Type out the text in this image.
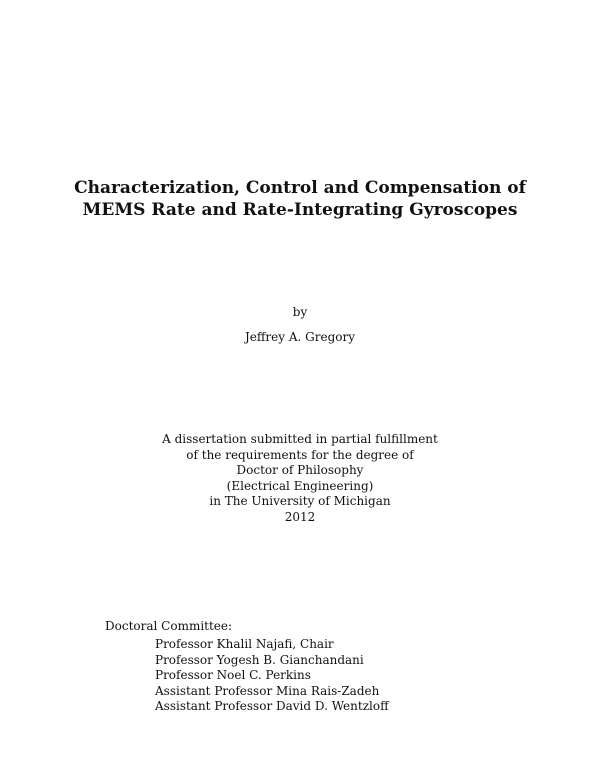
Characterization, Control and Compensation of
MEMS Rate and Rate-Integrating Gyroscopes
by
Jeffrey A. Gregory
A dissertation submitted in partial fulfillment
of the requirements for the degree of
Doctor of Philosophy
(Electrical Engineering)
in The University of Michigan
2012
Doctoral Committee:
Professor Khalil Najafi, Chair
Professor Yogesh B. Gianchandani
Professor Noel C. Perkins
Assistant Professor Mina Rais-Zadeh
Assistant Professor David D. Wentzloff
